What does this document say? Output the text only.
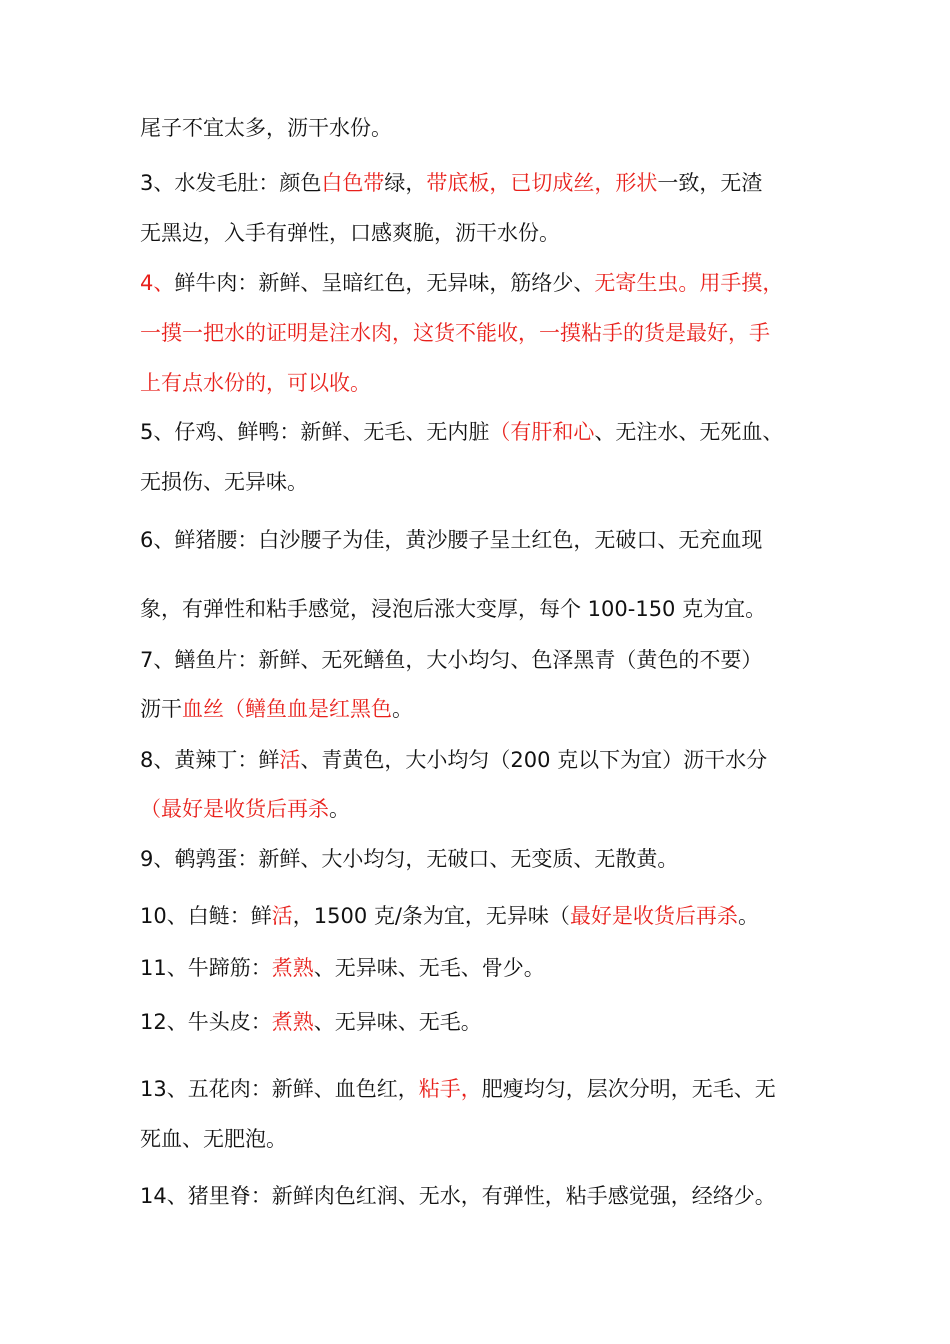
尾子不宜太多，沥干水份。
3、水发毛肚：颜色白色带绿，带底板，已切成丝，形状一致，无渣
无黑边，入手有弹性，口感爽脆，沥干水份。
4、鲜牛肉：新鲜、呈暗红色，无异味，筋络少、无寄生虫。用手摸，
一摸一把水的证明是注水肉，这货不能收，一摸粘手的货是最好，手
上有点水份的，可以收。
5、仔鸡、鲜鸭：新鲜、无毛、无内脏（有肝和心、无注水、无死血、
无损伤、无异味。
6、鲜猪腰：白沙腰子为佳，黄沙腰子呈土红色，无破口、无充血现
象，有弹性和粘手感觉，浸泡后涨大变厚，每个 100-150 克为宜。
7、鳝鱼片：新鲜、无死鳝鱼，大小均匀、色泽黑青（黄色的不要）
沥干血丝（鳝鱼血是红黑色。
8、黄辣丁：鲜活、青黄色，大小均匀（200 克以下为宜）沥干水分
（最好是收货后再杀。
9、鹌鹑蛋：新鲜、大小均匀，无破口、无变质、无散黄。
10、白鲢：鲜活，1500 克/条为宜，无异味（最好是收货后再杀。
11、牛蹄筋：煮熟、无异味、无毛、骨少。
12、牛头皮：煮熟、无异味、无毛。
13、五花肉：新鲜、血色红，粘手，肥瘦均匀，层次分明，无毛、无
死血、无肥泡。
14、猪里脊：新鲜肉色红润、无水，有弹性，粘手感觉强，经络少。
